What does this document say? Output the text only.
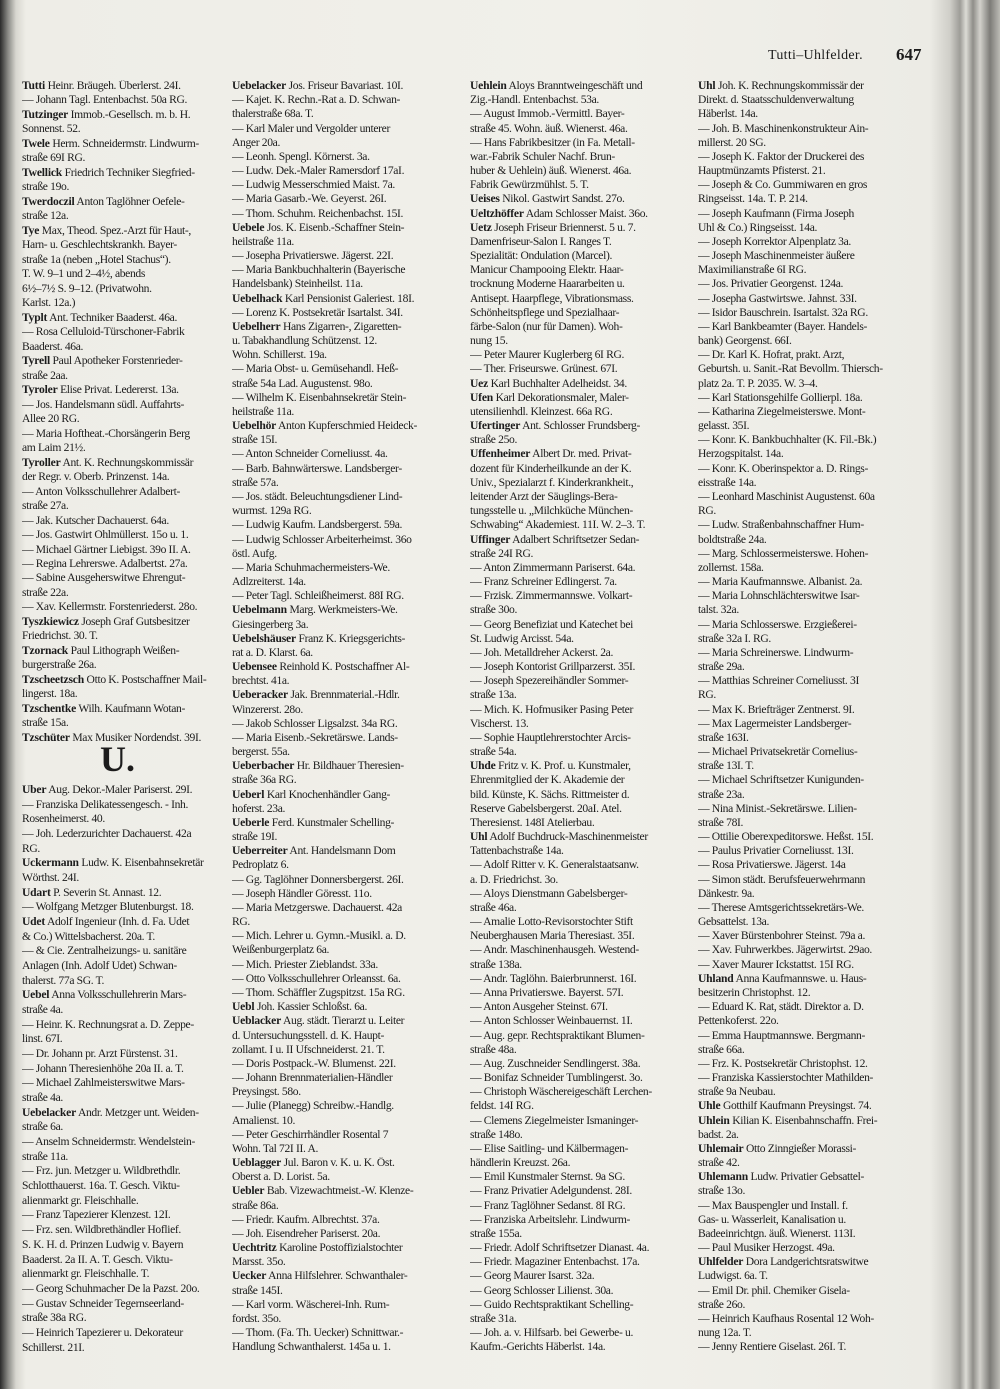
Tutti–Uhlfelder. 647
Tutti Heinr. Bräugeh. Überlerst. 24I.
— Johann Tagl. Entenbachst. 50a RG.
Tutzinger Immob.-Gesellsch. m. b. H.
Sonnenst. 52.
Twele Herm. Schneidermstr. Lindwurm-
straße 69I RG.
Twellick Friedrich Techniker Siegfried-
straße 19o.
Twerdoczil Anton Taglöhner Oefele-
straße 12a.
Tye Max, Theod. Spez.-Arzt für Haut-,
Harn- u. Geschlechtskrankh. Bayer-
straße 1a (neben „Hotel Stachus“).
T. W. 9–1 und 2–4½, abends
6½–7½ S. 9–12. (Privatwohn.
Karlst. 12a.)
Typlt Ant. Techniker Baaderst. 46a.
— Rosa Celluloid-Türschoner-Fabrik
Baaderst. 46a.
Tyrell Paul Apotheker Forstenrieder-
straße 2aa.
Tyroler Elise Privat. Ledererst. 13a.
— Jos. Handelsmann südl. Auffahrts-
Allee 20 RG.
— Maria Hoftheat.-Chorsängerin Berg
am Laim 21½.
Tyroller Ant. K. Rechnungskommissär
der Regr. v. Oberb. Prinzenst. 14a.
— Anton Volksschullehrer Adalbert-
straße 27a.
— Jak. Kutscher Dachauerst. 64a.
— Jos. Gastwirt Ohlmüllerst. 15o u. 1.
— Michael Gärtner Liebigst. 39o II. A.
— Regina Lehrerswe. Adalbertst. 27a.
— Sabine Ausgeherswitwe Ehrengut-
straße 22a.
— Xav. Kellermstr. Forstenriederst. 28o.
Tyszkiewicz Joseph Graf Gutsbesitzer
Friedrichst. 30. T.
Tzornack Paul Lithograph Weißen-
burgerstraße 26a.
Tzscheetzsch Otto K. Postschaffner Mail-
lingerst. 18a.
Tzschentke Wilh. Kaufmann Wotan-
straße 15a.
Tzschüter Max Musiker Nordendst. 39I.
U.
Uber Aug. Dekor.-Maler Pariserst. 29I.
— Franziska Delikatessengesch. - Inh.
Rosenheimerst. 40.
— Joh. Lederzurichter Dachauerst. 42a
RG.
Uckermann Ludw. K. Eisenbahnsekretär
Wörthst. 24I.
Udart P. Severin St. Annast. 12.
— Wolfgang Metzger Blutenburgst. 18.
Udet Adolf Ingenieur (Inh. d. Fa. Udet
& Co.) Wittelsbacherst. 20a. T.
— & Cie. Zentralheizungs- u. sanitäre
Anlagen (Inh. Adolf Udet) Schwan-
thalerst. 77a SG. T.
Uebel Anna Volksschullehrerin Mars-
straße 4a.
— Heinr. K. Rechnungsrat a. D. Zeppe-
linst. 67I.
— Dr. Johann pr. Arzt Fürstenst. 31.
— Johann Theresienhöhe 20a II. a. T.
— Michael Zahlmeisterswitwe Mars-
straße 4a.
Uebelacker Andr. Metzger unt. Weiden-
straße 6a.
— Anselm Schneidermstr. Wendelstein-
straße 11a.
— Frz. jun. Metzger u. Wildbrethdlr.
Schlotthauerst. 16a. T. Gesch. Viktu-
alienmarkt gr. Fleischhalle.
— Franz Tapezierer Klenzest. 12I.
— Frz. sen. Wildbrethändler Hoflief.
S. K. H. d. Prinzen Ludwig v. Bayern
Baaderst. 2a II. A. T. Gesch. Viktu-
alienmarkt gr. Fleischhalle. T.
— Georg Schuhmacher De la Pazst. 20o.
— Gustav Schneider Tegernseerland-
straße 38a RG.
— Heinrich Tapezierer u. Dekorateur
Schillerst. 21I.
Uebelacker Jos. Friseur Bavariast. 10I.
— Kajet. K. Rechn.-Rat a. D. Schwan-
thalerstraße 68a. T.
— Karl Maler und Vergolder unterer
Anger 20a.
— Leonh. Spengl. Körnerst. 3a.
— Ludw. Dek.-Maler Ramersdorf 17aI.
— Ludwig Messerschmied Maist. 7a.
— Maria Gasarb.-We. Geyerst. 26I.
— Thom. Schuhm. Reichenbachst. 15I.
Uebele Jos. K. Eisenb.-Schaffner Stein-
heilstraße 11a.
— Josepha Privatierswe. Jägerst. 22I.
— Maria Bankbuchhalterin (Bayerische
Handelsbank) Steinheilst. 11a.
Uebelhack Karl Pensionist Galeriest. 18I.
— Lorenz K. Postsekretär Isartalst. 34I.
Uebelherr Hans Zigarren-, Zigaretten-
u. Tabakhandlung Schützenst. 12.
Wohn. Schillerst. 19a.
— Maria Obst- u. Gemüsehandl. Heß-
straße 54a Lad. Augustenst. 98o.
— Wilhelm K. Eisenbahnsekretär Stein-
heilstraße 11a.
Uebelhör Anton Kupferschmied Heideck-
straße 15I.
— Anton Schneider Corneliusst. 4a.
— Barb. Bahnwärterswe. Landsberger-
straße 57a.
— Jos. städt. Beleuchtungsdiener Lind-
wurmst. 129a RG.
— Ludwig Kaufm. Landsbergerst. 59a.
— Ludwig Schlosser Arbeiterheimst. 36o
östl. Aufg.
— Maria Schuhmachermeisters-We.
Adlzreiterst. 14a.
— Peter Tagl. Schleißheimerst. 88I RG.
Uebelmann Marg. Werkmeisters-We.
Giesingerberg 3a.
Uebelshäuser Franz K. Kriegsgerichts-
rat a. D. Klarst. 6a.
Uebensee Reinhold K. Postschaffner Al-
brechtst. 41a.
Ueberacker Jak. Brennmaterial.-Hdlr.
Winzererst. 28o.
— Jakob Schlosser Ligsalzst. 34a RG.
— Maria Eisenb.-Sekretärswe. Lands-
bergerst. 55a.
Ueberbacher Hr. Bildhauer Theresien-
straße 36a RG.
Ueberl Karl Knochenhändler Gang-
hoferst. 23a.
Ueberle Ferd. Kunstmaler Schelling-
straße 19I.
Ueberreiter Ant. Handelsmann Dom
Pedroplatz 6.
— Gg. Taglöhner Donnersbergerst. 26I.
— Joseph Händler Göresst. 11o.
— Maria Metzgerswe. Dachauerst. 42a
RG.
— Mich. Lehrer u. Gymn.-Musikl. a. D.
Weißenburgerplatz 6a.
— Mich. Priester Zieblandst. 33a.
— Otto Volksschullehrer Orleansst. 6a.
— Thom. Schäffler Zugspitzst. 15a RG.
Uebl Joh. Kassier Schloßst. 6a.
Ueblacker Aug. städt. Tierarzt u. Leiter
d. Untersuchungsstell. d. K. Haupt-
zollamt. I u. II Ufschneiderst. 21. T.
— Doris Postpack.-W. Blumenst. 22I.
— Johann Brennmaterialien-Händler
Preysingst. 58o.
— Julie (Planegg) Schreibw.-Handlg.
Amalienst. 10.
— Peter Geschirrhändler Rosental 7
Wohn. Tal 72I II. A.
Ueblagger Jul. Baron v. K. u. K. Öst.
Oberst a. D. Lorist. 5a.
Uebler Bab. Vizewachtmeist.-W. Klenze-
straße 86a.
— Friedr. Kaufm. Albrechtst. 37a.
— Joh. Eisendreher Pariserst. 20a.
Uechtritz Karoline Postoffizialstochter
Marsst. 35o.
Uecker Anna Hilfslehrer. Schwanthaler-
straße 145I.
— Karl vorm. Wäscherei-Inh. Rum-
fordst. 35o.
— Thom. (Fa. Th. Uecker) Schnittwar.-
Handlung Schwanthalerst. 145a u. 1.
Uehlein Aloys Branntweingeschäft und
Zig.-Handl. Entenbachst. 53a.
— August Immob.-Vermittl. Bayer-
straße 45. Wohn. äuß. Wienerst. 46a.
— Hans Fabrikbesitzer (in Fa. Metall-
war.-Fabrik Schuler Nachf. Brun-
huber & Uehlein) äuß. Wienerst. 46a.
Fabrik Gewürzmühlst. 5. T.
Ueises Nikol. Gastwirt Sandst. 27o.
Ueltzhöffer Adam Schlosser Maist. 36o.
Uetz Joseph Friseur Briennerst. 5 u. 7.
Damenfriseur-Salon I. Ranges T.
Spezialität: Ondulation (Marcel).
Manicur Champooing Elektr. Haar-
trocknung Moderne Haararbeiten u.
Antisept. Haarpflege, Vibrationsmass.
Schönheitspflege und Spezialhaar-
färbe-Salon (nur für Damen). Woh-
nung 15.
— Peter Maurer Kuglerberg 6I RG.
— Ther. Friseurswe. Grünest. 67I.
Uez Karl Buchhalter Adelheidst. 34.
Ufen Karl Dekorationsmaler, Maler-
utensilienhdl. Kleinzest. 66a RG.
Ufertinger Ant. Schlosser Frundsberg-
straße 25o.
Uffenheimer Albert Dr. med. Privat-
dozent für Kinderheilkunde an der K.
Univ., Spezialarzt f. Kinderkrankheit.,
leitender Arzt der Säuglings-Bera-
tungsstelle u. „Milchküche München-
Schwabing“ Akademiest. 11I. W. 2–3. T.
Uffinger Adalbert Schriftsetzer Sedan-
straße 24I RG.
— Anton Zimmermann Pariserst. 64a.
— Franz Schreiner Edlingerst. 7a.
— Frzisk. Zimmermannswe. Volkart-
straße 30o.
— Georg Benefiziat und Katechet bei
St. Ludwig Arcisst. 54a.
— Joh. Metalldreher Ackerst. 2a.
— Joseph Kontorist Grillparzerst. 35I.
— Joseph Spezereihändler Sommer-
straße 13a.
— Mich. K. Hofmusiker Pasing Peter
Vischerst. 13.
— Sophie Hauptlehrerstochter Arcis-
straße 54a.
Uhde Fritz v. K. Prof. u. Kunstmaler,
Ehrenmitglied der K. Akademie der
bild. Künste, K. Sächs. Rittmeister d.
Reserve Gabelsbergerst. 20aI. Atel.
Theresienst. 148I Atelierbau.
Uhl Adolf Buchdruck-Maschinenmeister
Tattenbachstraße 14a.
— Adolf Ritter v. K. Generalstaatsanw.
a. D. Friedrichst. 3o.
— Aloys Dienstmann Gabelsberger-
straße 46a.
— Amalie Lotto-Revisorstochter Stift
Neuberghausen Maria Theresiast. 35I.
— Andr. Maschinenhausgeh. Westend-
straße 138a.
— Andr. Taglöhn. Baierbrunnerst. 16I.
— Anna Privatierswe. Bayerst. 57I.
— Anton Ausgeher Steinst. 67I.
— Anton Schlosser Weinbauernst. 1I.
— Aug. gepr. Rechtspraktikant Blumen-
straße 48a.
— Aug. Zuschneider Sendlingerst. 38a.
— Bonifaz Schneider Tumblingerst. 3o.
— Christoph Wäschereigeschäft Lerchen-
feldst. 14I RG.
— Clemens Ziegelmeister Ismaninger-
straße 148o.
— Elise Saitling- und Kälbermagen-
händlerin Kreuzst. 26a.
— Emil Kunstmaler Sternst. 9a SG.
— Franz Privatier Adelgundenst. 28I.
— Franz Taglöhner Sedanst. 8I RG.
— Franziska Arbeitslehr. Lindwurm-
straße 155a.
— Friedr. Adolf Schriftsetzer Dianast. 4a.
— Friedr. Magaziner Entenbachst. 17a.
— Georg Maurer Isarst. 32a.
— Georg Schlosser Lilienst. 30a.
— Guido Rechtspraktikant Schelling-
straße 31a.
— Joh. a. v. Hilfsarb. bei Gewerbe- u.
Kaufm.-Gerichts Häberlst. 14a.
Uhl Joh. K. Rechnungskommissär der
Direkt. d. Staatsschuldenverwaltung
Häberlst. 14a.
— Joh. B. Maschinenkonstrukteur Ain-
millerst. 20 SG.
— Joseph K. Faktor der Druckerei des
Hauptmünzamts Pfisterst. 21.
— Joseph & Co. Gummiwaren en gros
Ringseisst. 14a. T. P. 214.
— Joseph Kaufmann (Firma Joseph
Uhl & Co.) Ringseisst. 14a.
— Joseph Korrektor Alpenplatz 3a.
— Joseph Maschinenmeister äußere
Maximilianstraße 6I RG.
— Jos. Privatier Georgenst. 124a.
— Josepha Gastwirtswe. Jahnst. 33I.
— Isidor Bauschrein. Isartalst. 32a RG.
— Karl Bankbeamter (Bayer. Handels-
bank) Georgenst. 66I.
— Dr. Karl K. Hofrat, prakt. Arzt,
Geburtsh. u. Sanit.-Rat Bevollm. Thiersch-
platz 2a. T. P. 2035. W. 3–4.
— Karl Stationsgehilfe Gollierpl. 18a.
— Katharina Ziegelmeisterswe. Mont-
gelasst. 35I.
— Konr. K. Bankbuchhalter (K. Fil.-Bk.)
Herzogspitalst. 14a.
— Konr. K. Oberinspektor a. D. Rings-
eisstraße 14a.
— Leonhard Maschinist Augustenst. 60a
RG.
— Ludw. Straßenbahnschaffner Hum-
boldtstraße 24a.
— Marg. Schlossermeisterswe. Hohen-
zollernst. 158a.
— Maria Kaufmannswe. Albanist. 2a.
— Maria Lohnschlächterswitwe Isar-
talst. 32a.
— Maria Schlosserswe. Erzgießerei-
straße 32a I. RG.
— Maria Schreinerswe. Lindwurm-
straße 29a.
— Matthias Schreiner Corneliusst. 3I
RG.
— Max K. Briefträger Zentnerst. 9I.
— Max Lagermeister Landsberger-
straße 163I.
— Michael Privatsekretär Cornelius-
straße 13I. T.
— Michael Schriftsetzer Kunigunden-
straße 23a.
— Nina Minist.-Sekretärswe. Lilien-
straße 78I.
— Ottilie Oberexpeditorswe. Heßst. 15I.
— Paulus Privatier Corneliusst. 13I.
— Rosa Privatierswe. Jägerst. 14a
— Simon städt. Berufsfeuerwehrmann
Dänkestr. 9a.
— Therese Amtsgerichtssekretärs-We.
Gebsattelst. 13a.
— Xaver Bürstenbohrer Steinst. 79a a.
— Xav. Fuhrwerkbes. Jägerwirtst. 29ao.
— Xaver Maurer Ickstattst. 15I RG.
Uhland Anna Kaufmannswe. u. Haus-
besitzerin Christophst. 12.
— Eduard K. Rat, städt. Direktor a. D.
Pettenkoferst. 22o.
— Emma Hauptmannswe. Bergmann-
straße 66a.
— Frz. K. Postsekretär Christophst. 12.
— Franziska Kassierstochter Mathilden-
straße 9a Neubau.
Uhle Gotthilf Kaufmann Preysingst. 74.
Uhlein Kilian K. Eisenbahnschaffn. Frei-
badst. 2a.
Uhlemair Otto Zinngießer Morassi-
straße 42.
Uhlemann Ludw. Privatier Gebsattel-
straße 13o.
— Max Bauspengler und Install. f.
Gas- u. Wasserleit, Kanalisation u.
Badeeinrichtgn. äuß. Wienerst. 113I.
— Paul Musiker Herzogst. 49a.
Uhlfelder Dora Landgerichtsratswitwe
Ludwigst. 6a. T.
— Emil Dr. phil. Chemiker Gisela-
straße 26o.
— Heinrich Kaufhaus Rosental 12 Woh-
nung 12a. T.
— Jenny Rentiere Giselast. 26I. T.
